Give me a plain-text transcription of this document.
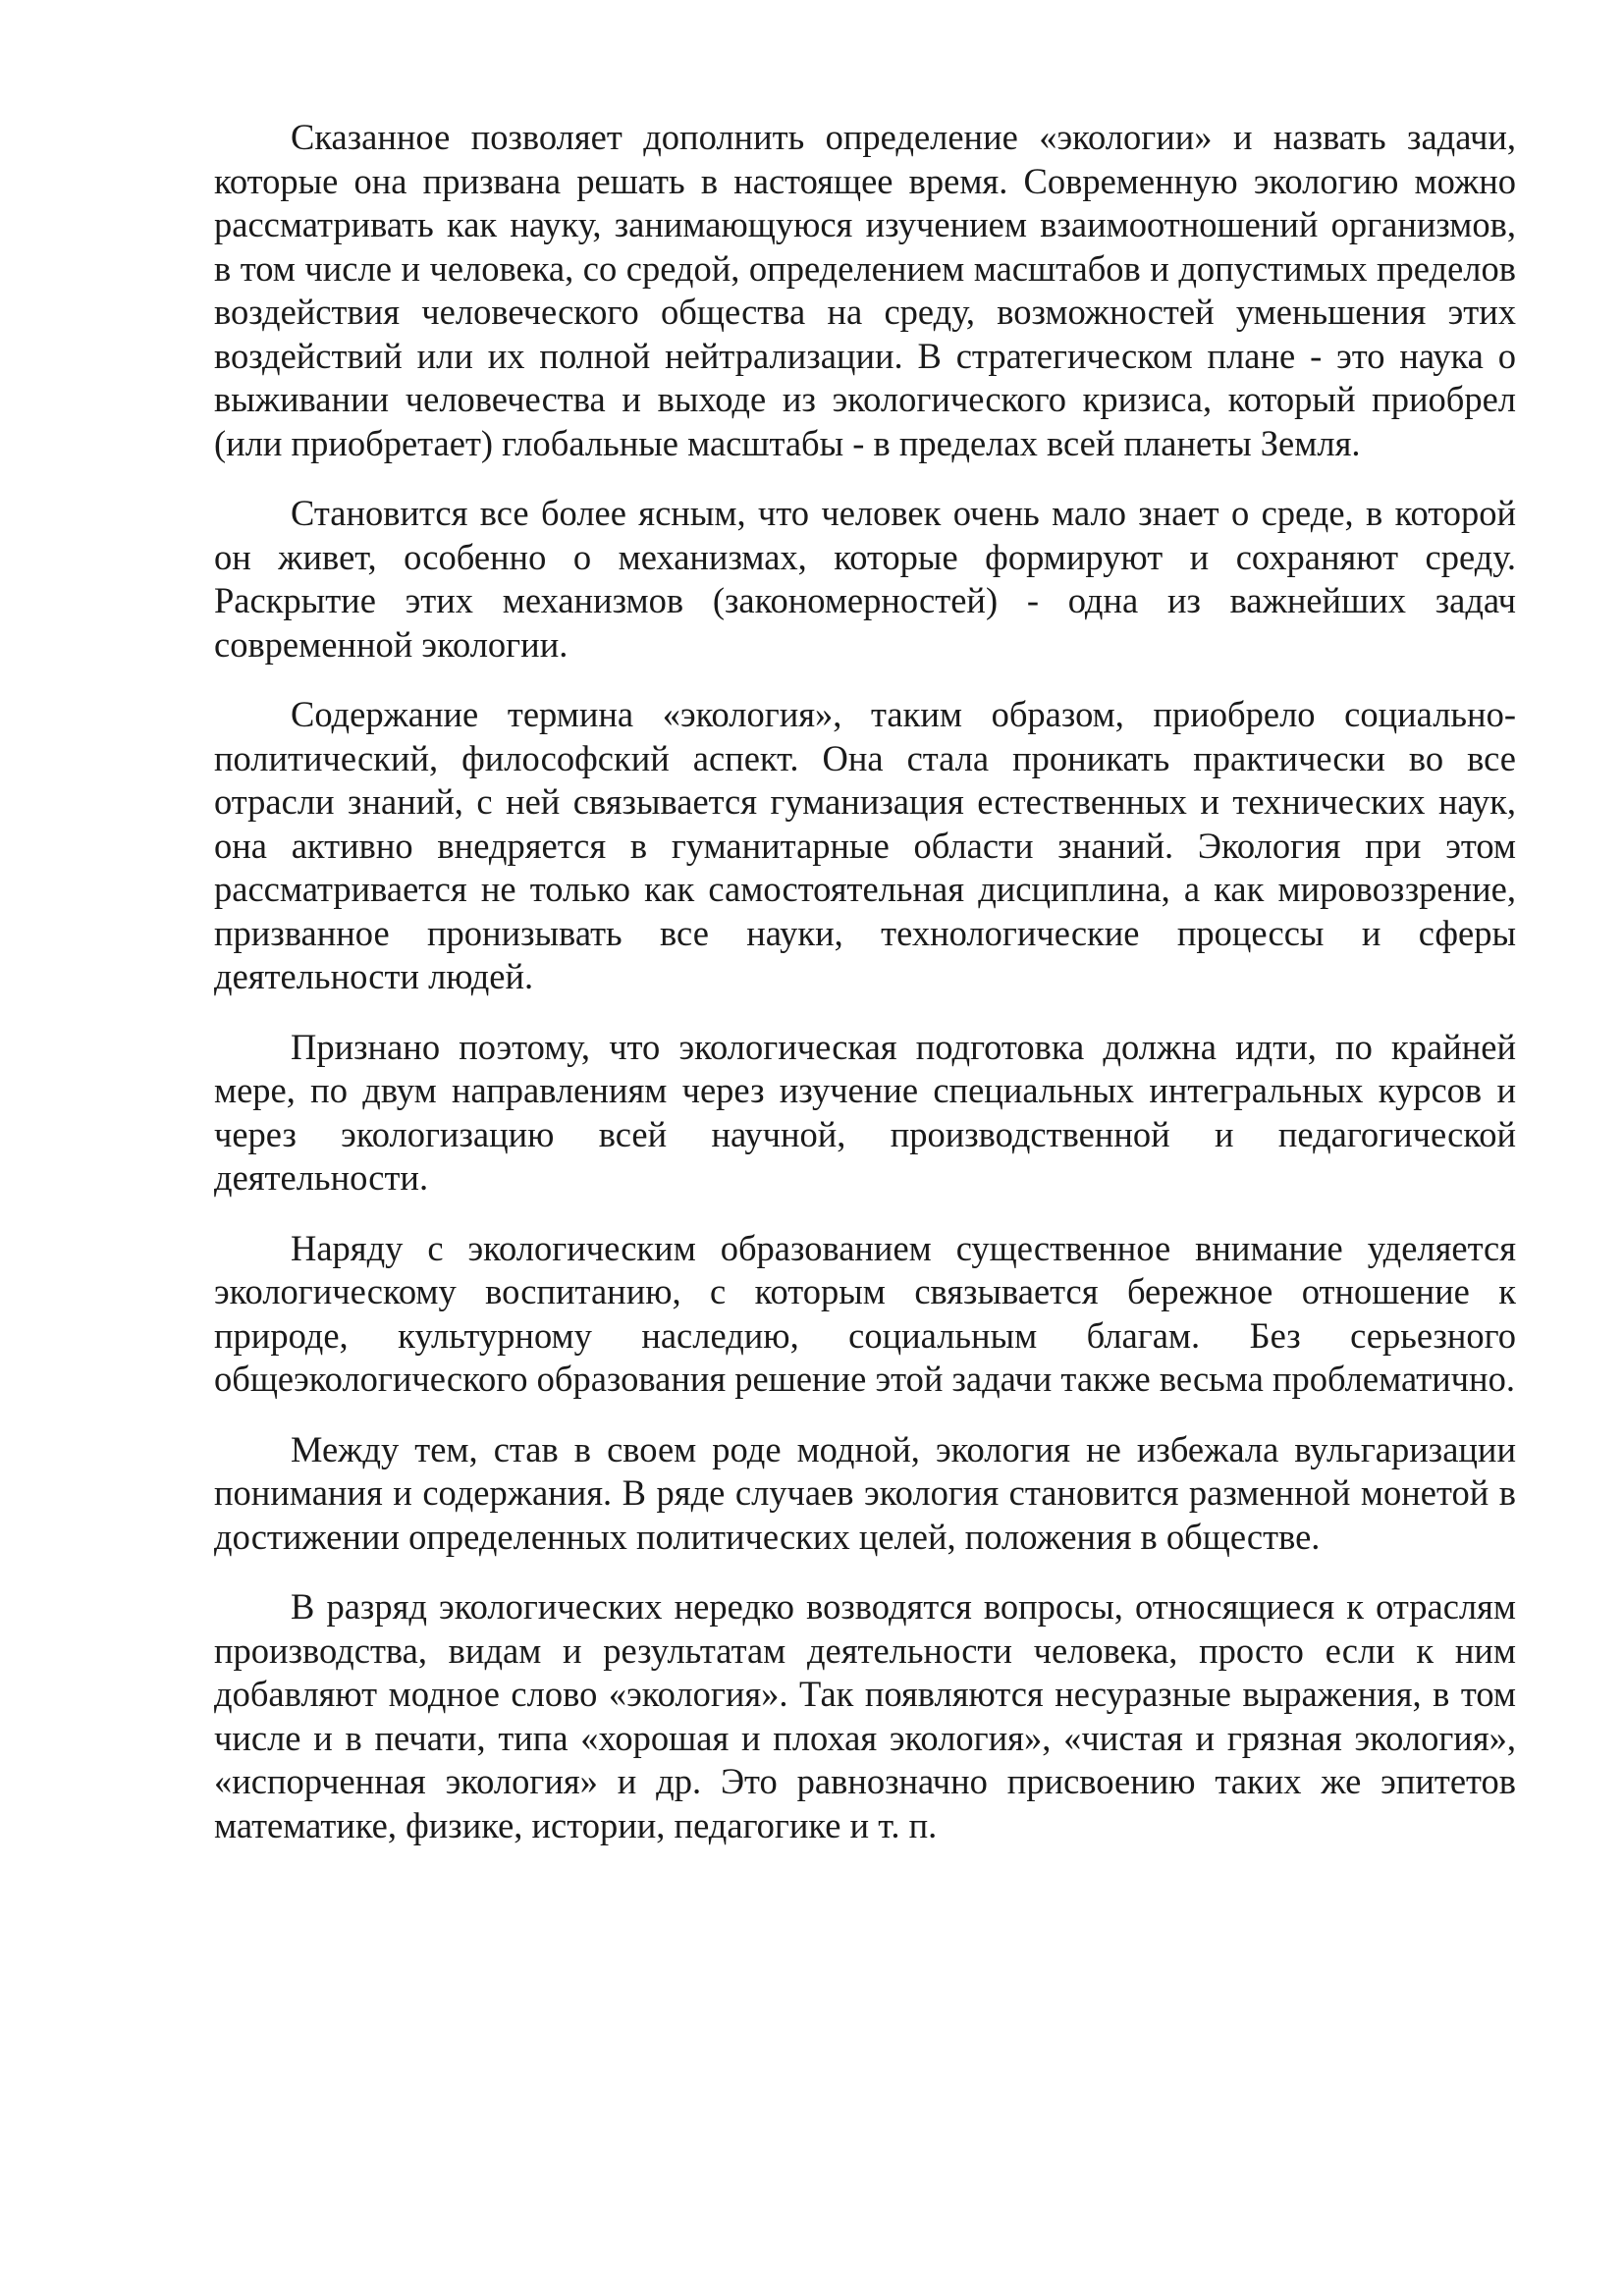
Сказанное позволяет дополнить определение «экологии» и назвать задачи, которые она призвана решать в настоящее время. Современную экологию можно рассматривать как науку, занимающуюся изучением взаимоотношений организмов, в том числе и человека, со средой, определением масштабов и допустимых пределов воздействия человеческого общества на среду, возможностей уменьшения этих воздействий или их полной нейтрализации. В стратегическом плане - это наука о выживании человечества и выходе из экологического кризиса, который приобрел (или приобретает) глобальные масштабы - в пределах всей планеты Земля.

Становится все более ясным, что человек очень мало знает о среде, в которой он живет, особенно о механизмах, которые формируют и сохраняют среду. Раскрытие этих механизмов (закономерностей) - одна из важнейших задач современной экологии.

Содержание термина «экология», таким образом, приобрело социально-политический, философский аспект. Она стала проникать практически во все отрасли знаний, с ней связывается гуманизация естественных и технических наук, она активно внедряется в гуманитарные области знаний. Экология при этом рассматривается не только как самостоятельная дисциплина, а как мировоззрение, призванное пронизывать все науки, технологические процессы и сферы деятельности людей.

Признано поэтому, что экологическая подготовка должна идти, по крайней мере, по двум направлениям через изучение специальных интегральных курсов и через экологизацию всей научной, производственной и педагогической деятельности.

Наряду с экологическим образованием существенное внимание уделяется экологическому воспитанию, с которым связывается бережное отношение к природе, культурному наследию, социальным благам. Без серьезного общеэкологического образования решение этой задачи также весьма проблематично.

Между тем, став в своем роде модной, экология не избежала вульгаризации понимания и содержания. В ряде случаев экология становится разменной монетой в достижении определенных политических целей, положения в обществе.

В разряд экологических нередко возводятся вопросы, относящиеся к отраслям производства, видам и результатам деятельности человека, просто если к ним добавляют модное слово «экология». Так появляются несуразные выражения, в том числе и в печати, типа «хорошая и плохая экология», «чистая и грязная экология», «испорченная экология» и др. Это равнозначно присвоению таких же эпитетов математике, физике, истории, педагогике и т. п.
